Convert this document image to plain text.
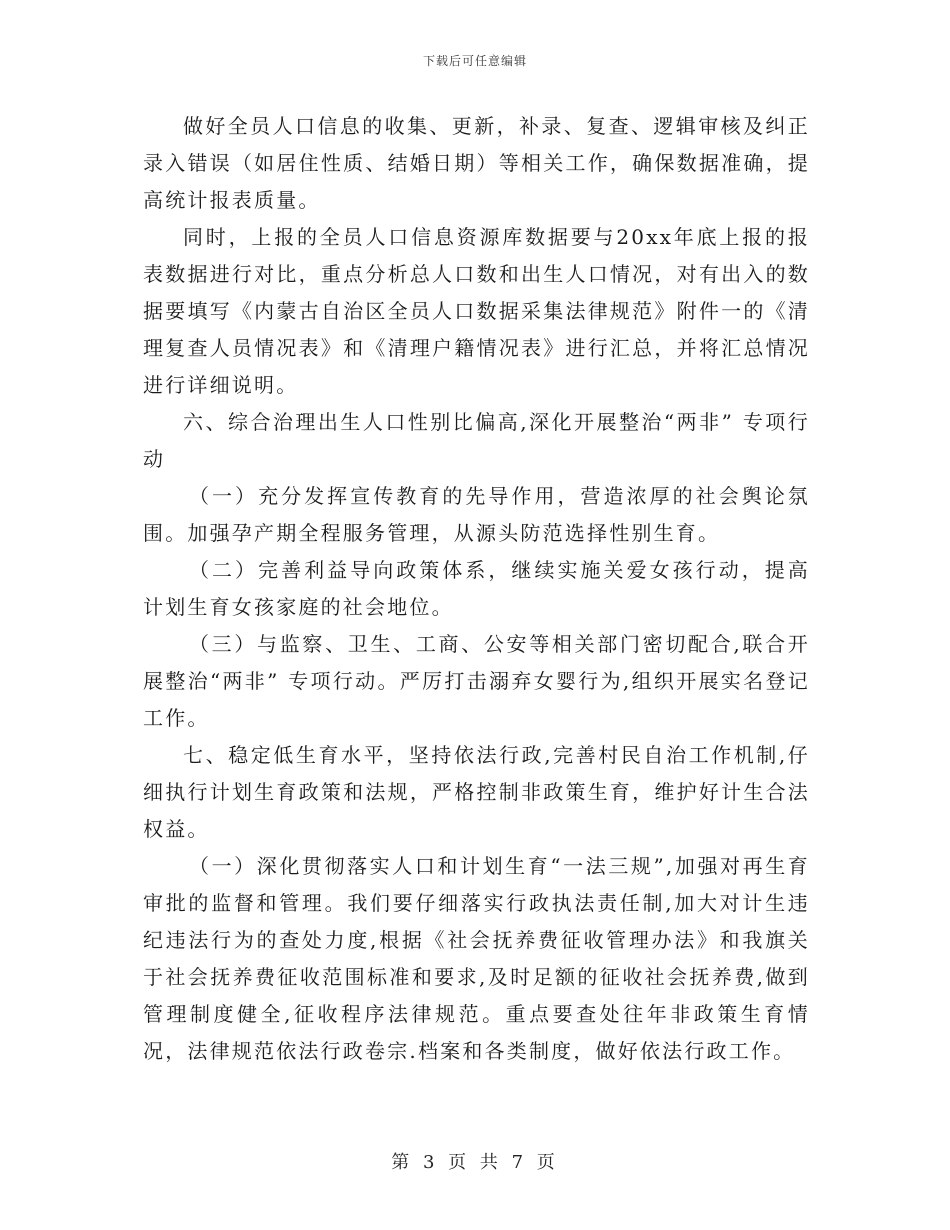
下载后可任意编辑

做好全员人口信息的收集、更新，补录、复查、逻辑审核及纠正录入错误（如居住性质、结婚日期）等相关工作，确保数据准确，提高统计报表质量。

同时，上报的全员人口信息资源库数据要与20xx年底上报的报表数据进行对比，重点分析总人口数和出生人口情况，对有出入的数据要填写《内蒙古自治区全员人口数据采集法律规范》附件一的《清理复查人员情况表》和《清理户籍情况表》进行汇总，并将汇总情况进行详细说明。

六、综合治理出生人口性别比偏高,深化开展整治“两非” 专项行动

（一）充分发挥宣传教育的先导作用，营造浓厚的社会舆论氛围。加强孕产期全程服务管理，从源头防范选择性别生育。

（二）完善利益导向政策体系，继续实施关爱女孩行动，提高计划生育女孩家庭的社会地位。

（三）与监察、卫生、工商、公安等相关部门密切配合,联合开展整治“两非” 专项行动。严厉打击溺弃女婴行为,组织开展实名登记工作。

七、稳定低生育水平，坚持依法行政,完善村民自治工作机制,仔细执行计划生育政策和法规，严格控制非政策生育，维护好计生合法权益。

（一）深化贯彻落实人口和计划生育“一法三规”,加强对再生育审批的监督和管理。我们要仔细落实行政执法责任制,加大对计生违纪违法行为的查处力度,根据《社会抚养费征收管理办法》和我旗关于社会抚养费征收范围标准和要求,及时足额的征收社会抚养费,做到管理制度健全,征收程序法律规范。重点要查处往年非政策生育情况，法律规范依法行政卷宗.档案和各类制度，做好依法行政工作。

第 3 页 共 7 页
